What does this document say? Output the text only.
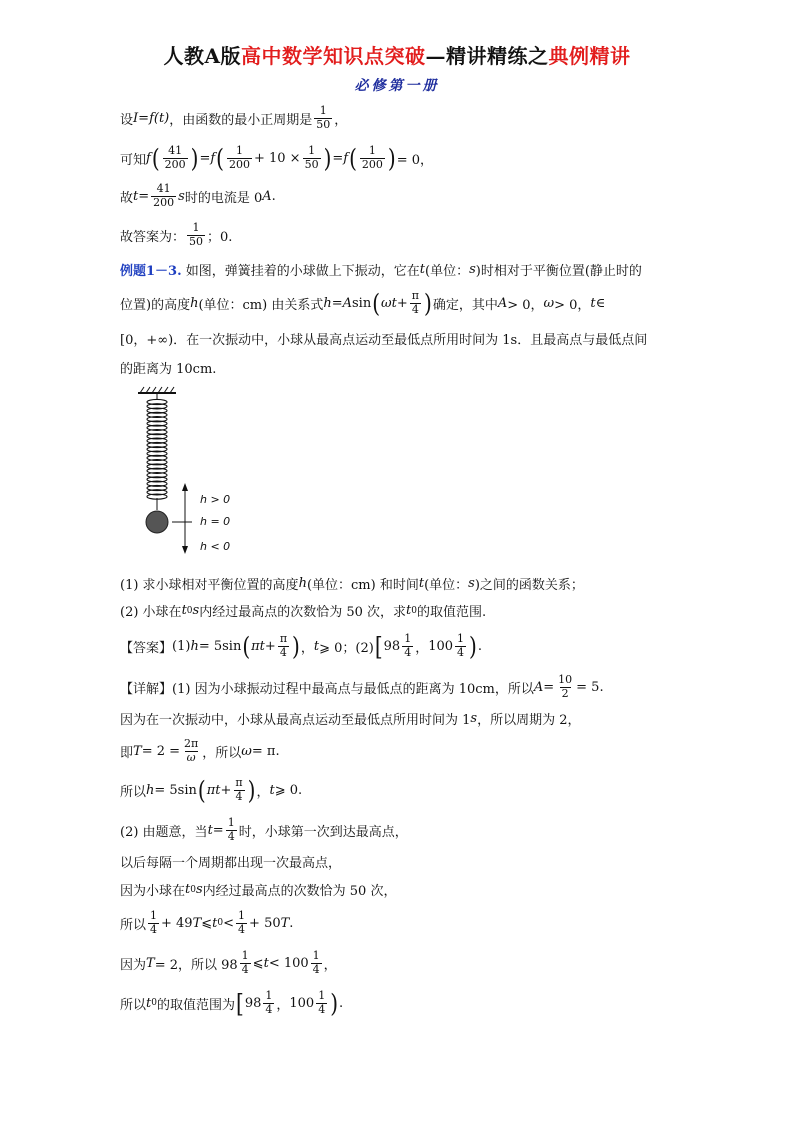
人教A版高中数学知识点突破—精讲精练之典例精讲
必修第一册
设 I = f (t) ，由函数的最小正周期是 $\frac{1}{50}$ ，
可知 f ( $\frac{41}{200}$ ) = f ( $\frac{1}{200} + 10 \times \frac{1}{50}$ ) = f ( $\frac{1}{200}$ ) = 0，
故 $t = \frac{41}{200}$ s 时的电流是 0 A .
故答案为： $\frac{1}{50}$ ；0.
例题1－3.
如图，弹簧挂着的小球做上下振动，它在 t (单位： s )时相对于平衡位置(静止时的
位置)的高度 h (单位：cm) 由关系式 h = A sin ( $\omega t + \frac{\pi}{4}$ ) 确定，其中 A > 0， ω > 0， t ∈
[0，+∞)．在一次振动中，小球从最高点运动至最低点所用时间为 1s．且最高点与最低点间
的距离为 10cm.
h > 0
h = 0
h < 0
(1) 求小球相对平衡位置的高度 h (单位：cm) 和时间 t (单位： s )之间的函数关系；
(2) 小球在 t 0 s 内经过最高点的次数恰为 50 次，求 t 0 的取值范围.
【答案】 (1) h = 5sin ( $\pi t + \frac{\pi}{4}$ ) ， t ⩾ 0；(2) [ $98 \frac{1}{4}$ ， $100 \frac{1}{4}$ ) .
【详解】 (1) 因为小球振动过程中最高点与最低点的距离为 10cm，所以 $A = \frac{10}{2} = 5$.
因为在一次振动中，小球从最高点运动至最低点所用时间为 1 s ，所以周期为 2，
即 $T = 2 = \frac{2\pi}{\omega}$ ，所以 ω = π.
所以 h = 5sin ( $\pi t + \frac{\pi}{4}$ ) ， t ⩾ 0.
(2) 由题意，当 $t = \frac{1}{4}$ 时，小球第一次到达最高点，
以后每隔一个周期都出现一次最高点，
因为小球在 t 0 s 内经过最高点的次数恰为 50 次，
所以 $\frac{1}{4} + 49$ T ⩽ t $0 < \frac{1}{4} + 50$ T .
因为 T = 2，所以 $98 \frac{1}{4}$ ⩽ $t < 100 \frac{1}{4}$ ，
所以 t 0 的取值范围为 [ $98 \frac{1}{4}$ ， $100 \frac{1}{4}$ ) .
